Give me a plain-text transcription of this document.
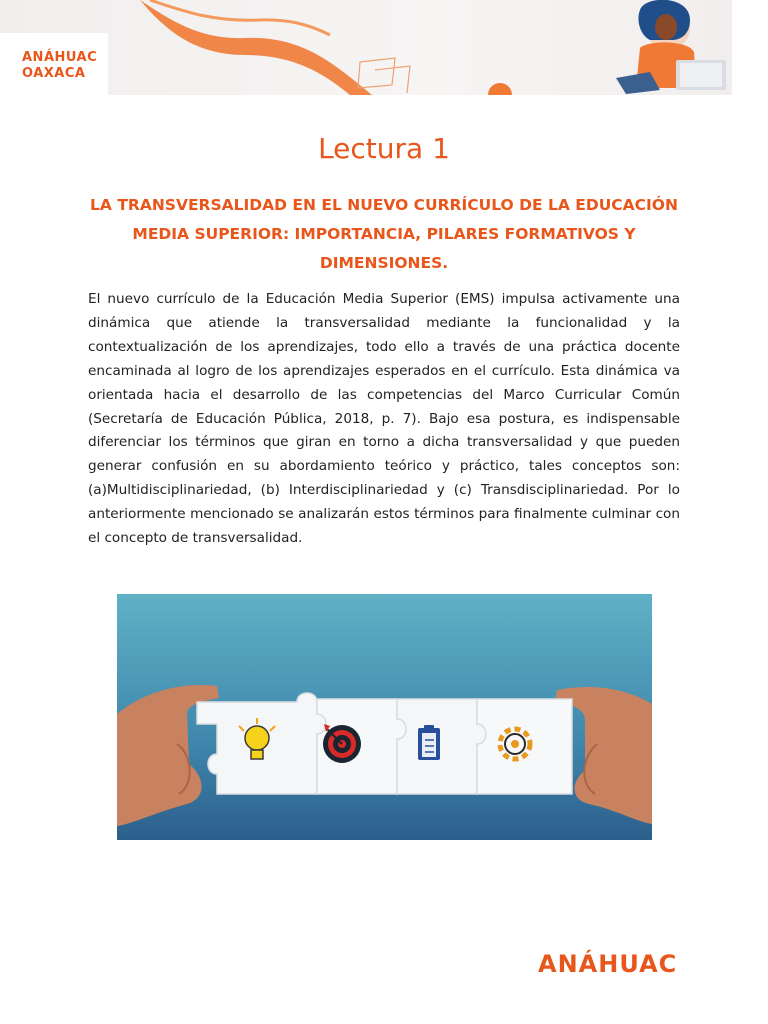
ANÁHUAC
OAXACA
Lectura 1
LA TRANSVERSALIDAD EN EL NUEVO CURRÍCULO DE LA EDUCACIÓN MEDIA SUPERIOR: IMPORTANCIA, PILARES FORMATIVOS Y DIMENSIONES.

El nuevo currículo de la Educación Media Superior (EMS) impulsa activamente una dinámica que atiende la transversalidad mediante la funcionalidad y la contextualización de los aprendizajes, todo ello a través de una práctica docente encaminada al logro de los aprendizajes esperados en el currículo. Esta dinámica va orientada hacia el desarrollo de las competencias del Marco Curricular Común (Secretaría de Educación Pública, 2018, p. 7). Bajo esa postura, es indispensable diferenciar los términos que giran en torno a dicha transversalidad y que pueden generar confusión en su abordamiento teórico y práctico, tales conceptos son: (a)Multidisciplinariedad, (b) Interdisciplinariedad y (c) Transdisciplinariedad. Por lo anteriormente mencionado se analizarán estos términos para finalmente culminar con el concepto de transversalidad.

ANÁHUAC
